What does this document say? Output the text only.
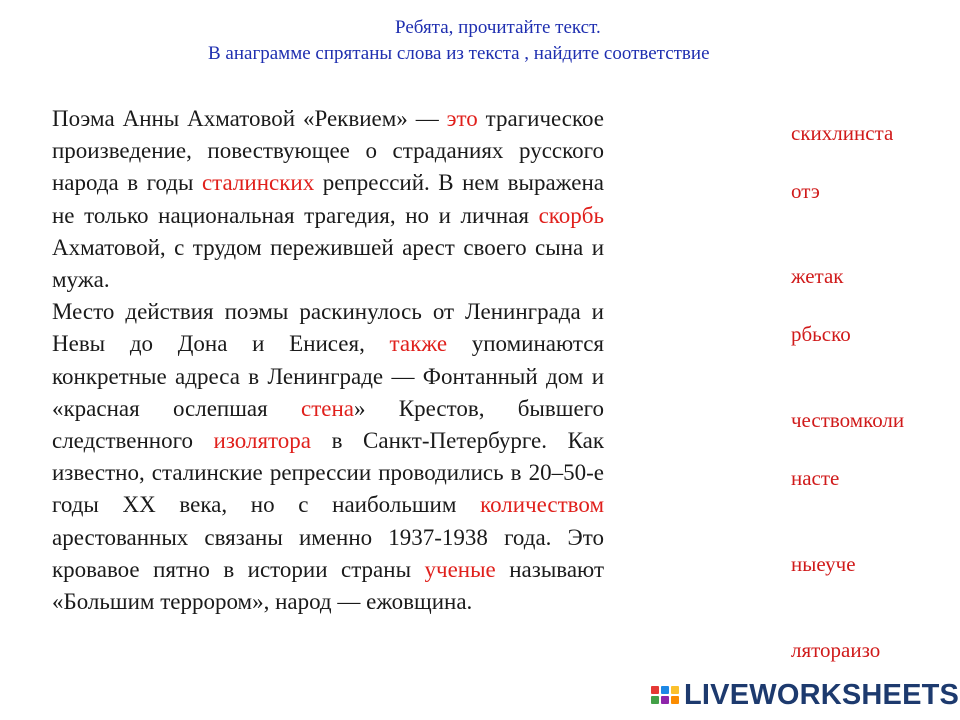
Ребята, прочитайте текст.
В анаграмме спрятаны слова из текста , найдите соответствие

Поэма Анны Ахматовой «Реквием» — это трагическое произведение, повествующее о страданиях русского народа в годы сталинских репрессий. В нем выражена не только национальная трагедия, но и личная скорбь Ахматовой, с трудом пережившей арест своего сына и мужа.

Место действия поэмы раскинулось от Ленинграда и Невы до Дона и Енисея, также упоминаются конкретные адреса в Ленинграде — Фонтанный дом и «красная ослепшая стена» Крестов, бывшего следственного изолятора в Санкт-Петербурге. Как известно, сталинские репрессии проводились в 20–50-е годы XX века, но с наибольшим количеством арестованных связаны именно 1937-1938 года. Это кровавое пятно в истории страны ученые называют «Большим террором», народ — ежовщина.

скихлинста
отэ
жетак
рбьско
чествомколи
насте
ныеуче
лятораизо
LIVEWORKSHEETS
